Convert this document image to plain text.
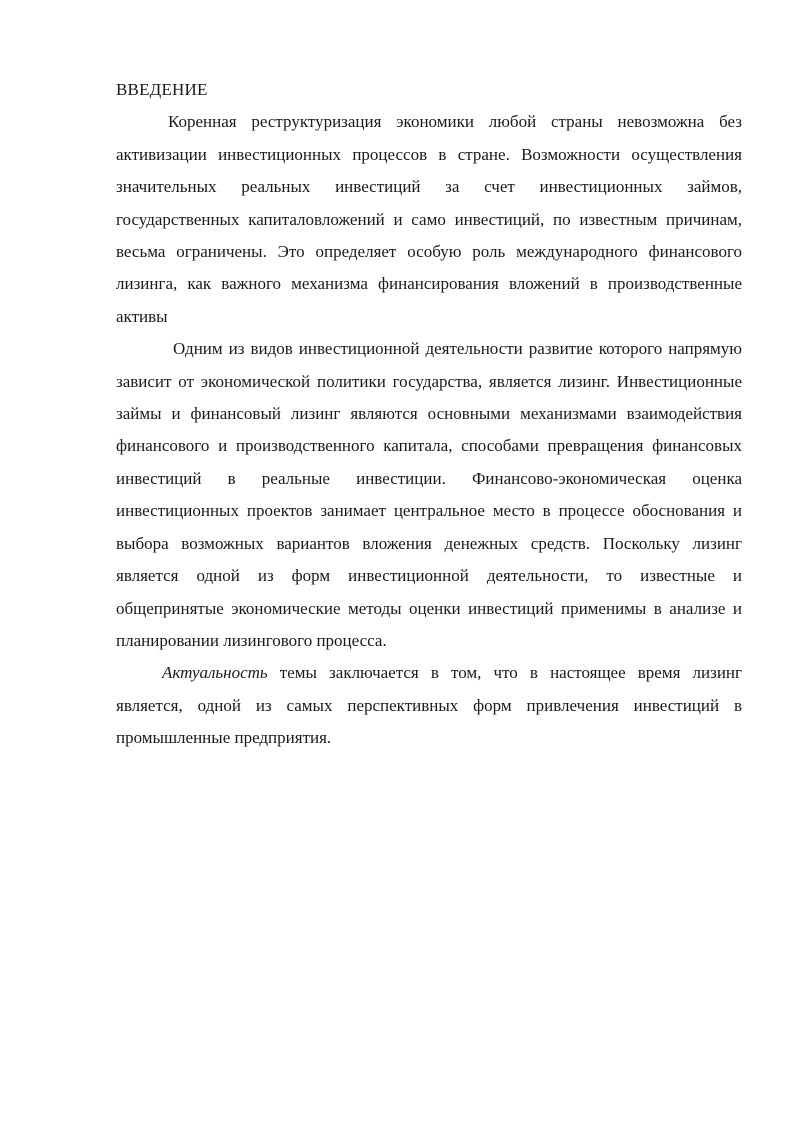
ВВЕДЕНИЕ

Коренная реструктуризация экономики любой страны невозможна без активизации инвестиционных процессов в стране. Возможности осуществления значительных реальных инвестиций за счет инвестиционных займов, государственных капиталовложений и само инвестиций, по известным причинам, весьма ограничены. Это определяет особую роль международного финансового лизинга, как важного механизма финансирования вложений в производственные активы

Одним из видов инвестиционной деятельности развитие которого напрямую зависит от экономической политики государства, является лизинг. Инвестиционные займы и финансовый лизинг являются основными механизмами взаимодействия финансового и производственного капитала, способами превращения финансовых инвестиций в реальные инвестиции. Финансово-экономическая оценка инвестиционных проектов занимает центральное место в процессе обоснования и выбора возможных вариантов вложения денежных средств. Поскольку лизинг является одной из форм инвестиционной деятельности, то известные и общепринятые экономические методы оценки инвестиций применимы в анализе и планировании лизингового процесса.

Актуальность темы заключается в том, что в настоящее время лизинг является, одной из самых перспективных форм привлечения инвестиций в промышленные предприятия.
